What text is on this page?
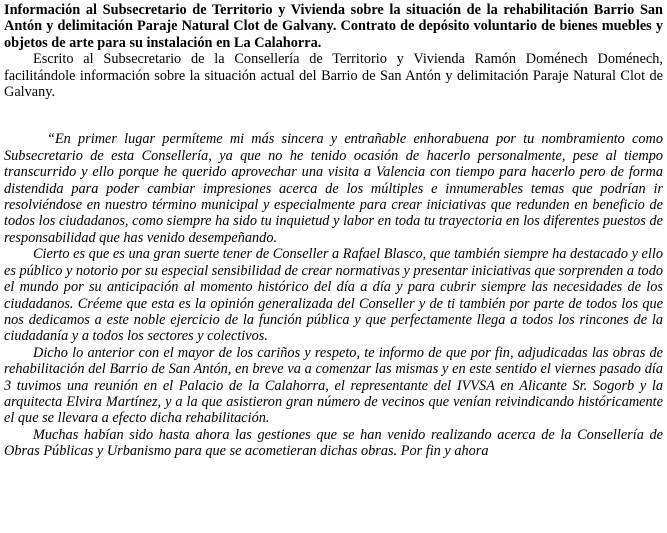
Información al Subsecretario de Territorio y Vivienda sobre la situación de la rehabilitación Barrio San Antón y delimitación Paraje Natural Clot de Galvany. Contrato de depósito voluntario de bienes muebles y objetos de arte para su instalación en La Calahorra.

Escrito al Subsecretario de la Consellería de Territorio y Vivienda Ramón Doménech Doménech, facilitándole información sobre la situación actual del Barrio de San Antón y delimitación Paraje Natural Clot de Galvany.

“En primer lugar permíteme mi más sincera y entrañable enhorabuena por tu nombramiento como Subsecretario de esta Consellería, ya que no he tenido ocasión de hacerlo personalmente, pese al tiempo transcurrido y ello porque he querido aprovechar una visita a Valencia con tiempo para hacerlo pero de forma distendida para poder cambiar impresiones acerca de los múltiples e innumerables temas que podrían ir resolviéndose en nuestro término municipal y especialmente para crear iniciativas que redunden en beneficio de todos los ciudadanos, como siempre ha sido tu inquietud y labor en toda tu trayectoria en los diferentes puestos de responsabilidad que has venido desempeñando.

Cierto es que es una gran suerte tener de Conseller a Rafael Blasco, que también siempre ha destacado y ello es público y notorio por su especial sensibilidad de crear normativas y presentar iniciativas que sorprenden a todo el mundo por su anticipación al momento histórico del día a día y para cubrir siempre las necesidades de los ciudadanos. Créeme que esta es la opinión generalizada del Conseller y de ti también por parte de todos los que nos dedicamos a este noble ejercicio de la función pública y que perfectamente llega a todos los rincones de la ciudadanía y a todos los sectores y colectivos.

Dicho lo anterior con el mayor de los cariños y respeto, te informo de que por fin, adjudicadas las obras de rehabilitación del Barrio de San Antón, en breve va a comenzar las mismas y en este sentido el viernes pasado día 3 tuvimos una reunión en el Palacio de la Calahorra, el representante del IVVSA en Alicante Sr. Sogorb y la arquitecta Elvira Martínez, y a la que asistieron gran número de vecinos que venían reivindicando históricamente el que se llevara a efecto dicha rehabilitación.

Muchas habían sido hasta ahora las gestiones que se han venido realizando acerca de la Consellería de Obras Públicas y Urbanismo para que se acometieran dichas obras. Por fin y ahora
